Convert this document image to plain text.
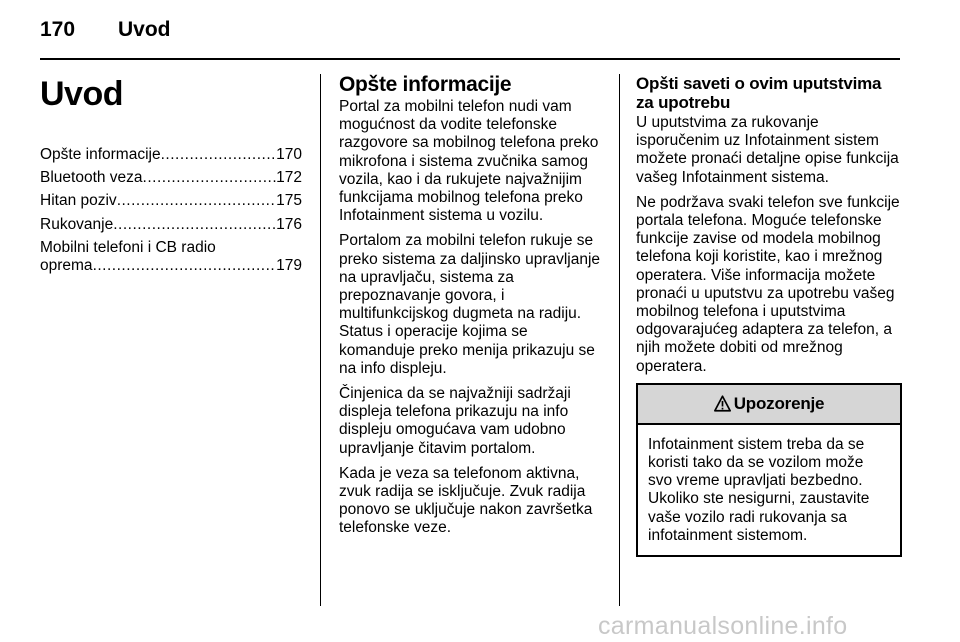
170 Uvod
Uvod
Opšte informacije .....	170
Bluetooth veza .....	172
Hitan poziv .....	175
Rukovanje .....	176
Mobilni telefoni i CB radio
oprema .....	179
Opšte informacije

Portal za mobilni telefon nudi vam mogućnost da vodite telefonske razgovore sa mobilnog telefona preko mikrofona i sistema zvučnika samog vozila, kao i da rukujete najvažnijim funkcijama mobilnog telefona preko Infotainment sistema u vozilu.

Portalom za mobilni telefon rukuje se preko sistema za daljinsko upravljanje na upravljaču, sistema za prepoznavanje govora, i multifunkcijskog dugmeta na radiju. Status i operacije kojima se komanduje preko menija prikazuju se na info displeju.

Činjenica da se najvažniji sadržaji displeja telefona prikazuju na info displeju omogućava vam udobno upravljanje čitavim portalom.

Kada je veza sa telefonom aktivna, zvuk radija se isključuje. Zvuk radija ponovo se uključuje nakon završetka telefonske veze.

Opšti saveti o ovim uputstvima za upotrebu

U uputstvima za rukovanje isporučenim uz Infotainment sistem možete pronaći detaljne opise funkcija vašeg Infotainment sistema.

Ne podržava svaki telefon sve funkcije portala telefona. Moguće telefonske funkcije zavise od modela mobilnog telefona koji koristite, kao i mrežnog operatera. Više informacija možete pronaći u uputstvu za upotrebu vašeg mobilnog telefona i uputstvima odgovarajućeg adaptera za telefon, a njih možete dobiti od mrežnog operatera.

Upozorenje
Infotainment sistem treba da se koristi tako da se vozilom može svo vreme upravljati bezbedno. Ukoliko ste nesigurni, zaustavite vaše vozilo radi rukovanja sa infotainment sistemom.
carmanualsonline.info
